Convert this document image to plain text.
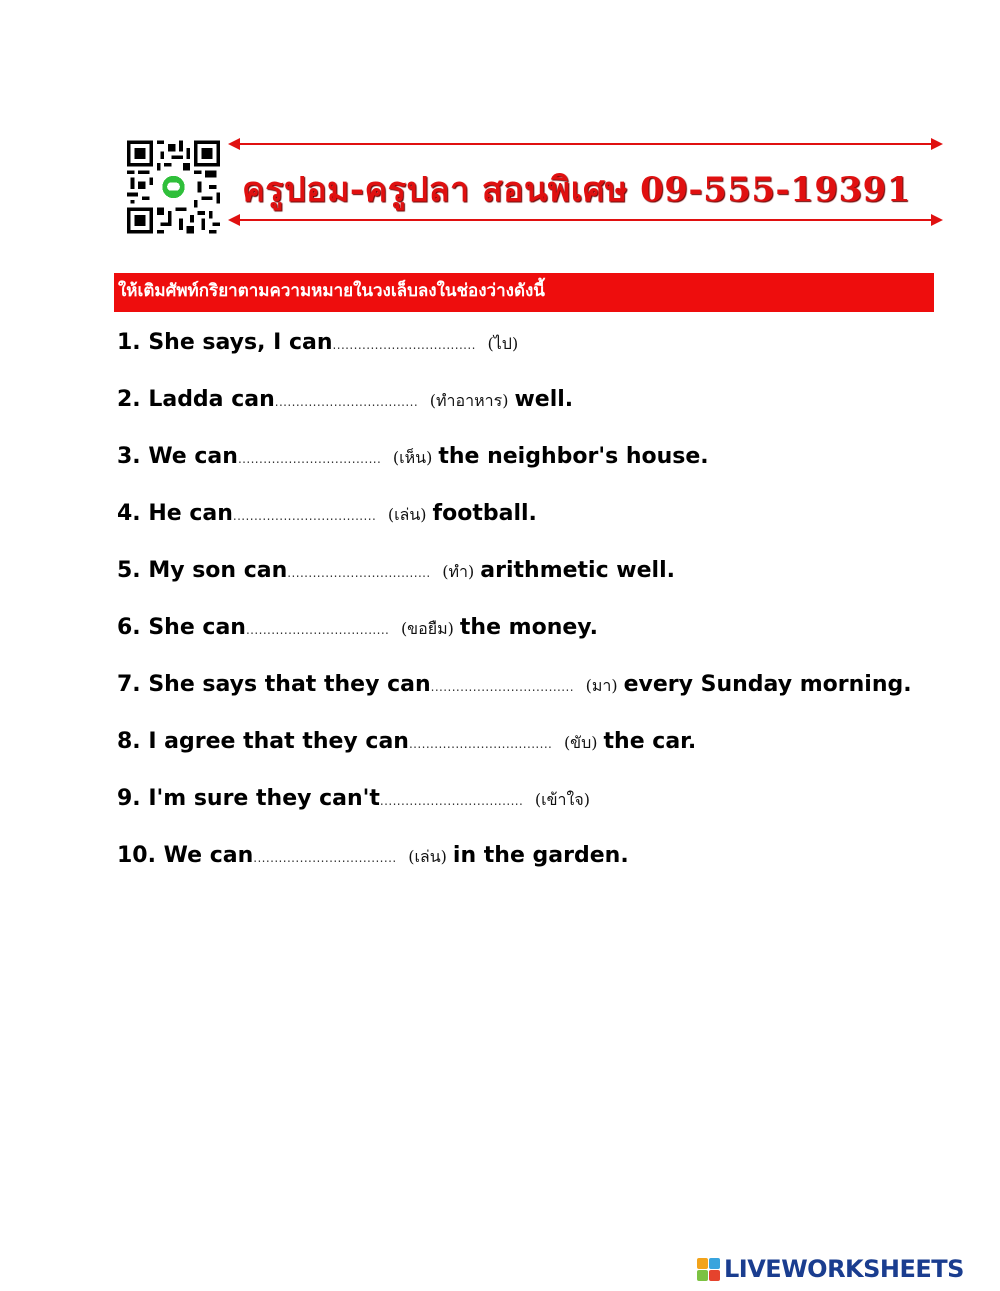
ครูปอม-ครูปลา สอนพิเศษ 09-555-19391
ให้เติมศัพท์กริยาตามความหมายในวงเล็บลงในช่องว่างดังนี้
1. She says, I can.................................. (ไป)
2. Ladda can.................................. (ทำอาหาร) well.
3. We can.................................. (เห็น) the neighbor's house.
4. He can.................................. (เล่น) football.
5. My son can.................................. (ทำ) arithmetic well.
6. She can.................................. (ขอยืม) the money.
7. She says that they can.................................. (มา) every Sunday morning.
8. I agree that they can.................................. (ขับ) the car.
9. I'm sure they can't.................................. (เข้าใจ)
10. We can.................................. (เล่น) in the garden.
LIVEWORKSHEETS
